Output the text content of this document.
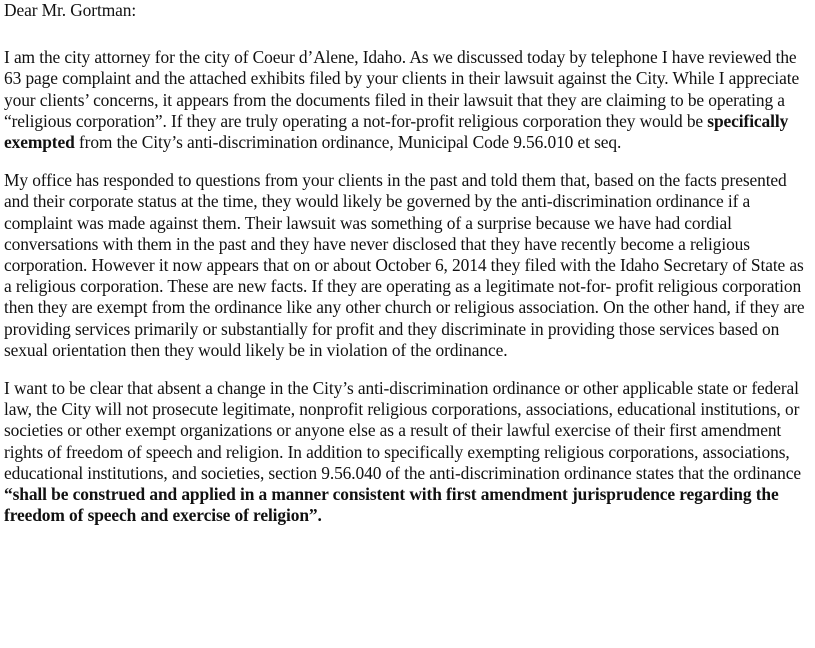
Dear Mr. Gortman:
I am the city attorney for the city of Coeur d’Alene, Idaho. As we discussed today by telephone I have reviewed the 63 page complaint and the attached exhibits filed by your clients in their lawsuit against the City. While I appreciate your clients’ concerns, it appears from the documents filed in their lawsuit that they are claiming to be operating a “religious corporation”. If they are truly operating a not-for-profit religious corporation they would be specifically exempted from the City’s anti-discrimination ordinance, Municipal Code 9.56.010 et seq.
My office has responded to questions from your clients in the past and told them that, based on the facts presented and their corporate status at the time, they would likely be governed by the anti-discrimination ordinance if a complaint was made against them. Their lawsuit was something of a surprise because we have had cordial conversations with them in the past and they have never disclosed that they have recently become a religious corporation. However it now appears that on or about October 6, 2014 they filed with the Idaho Secretary of State as a religious corporation. These are new facts. If they are operating as a legitimate not-for- profit religious corporation then they are exempt from the ordinance like any other church or religious association. On the other hand, if they are providing services primarily or substantially for profit and they discriminate in providing those services based on sexual orientation then they would likely be in violation of the ordinance.
I want to be clear that absent a change in the City’s anti-discrimination ordinance or other applicable state or federal law, the City will not prosecute legitimate, nonprofit religious corporations, associations, educational institutions, or societies or other exempt organizations or anyone else as a result of their lawful exercise of their first amendment rights of freedom of speech and religion. In addition to specifically exempting religious corporations, associations, educational institutions, and societies, section 9.56.040 of the anti-discrimination ordinance states that the ordinance “shall be construed and applied in a manner consistent with first amendment jurisprudence regarding the freedom of speech and exercise of religion”.
